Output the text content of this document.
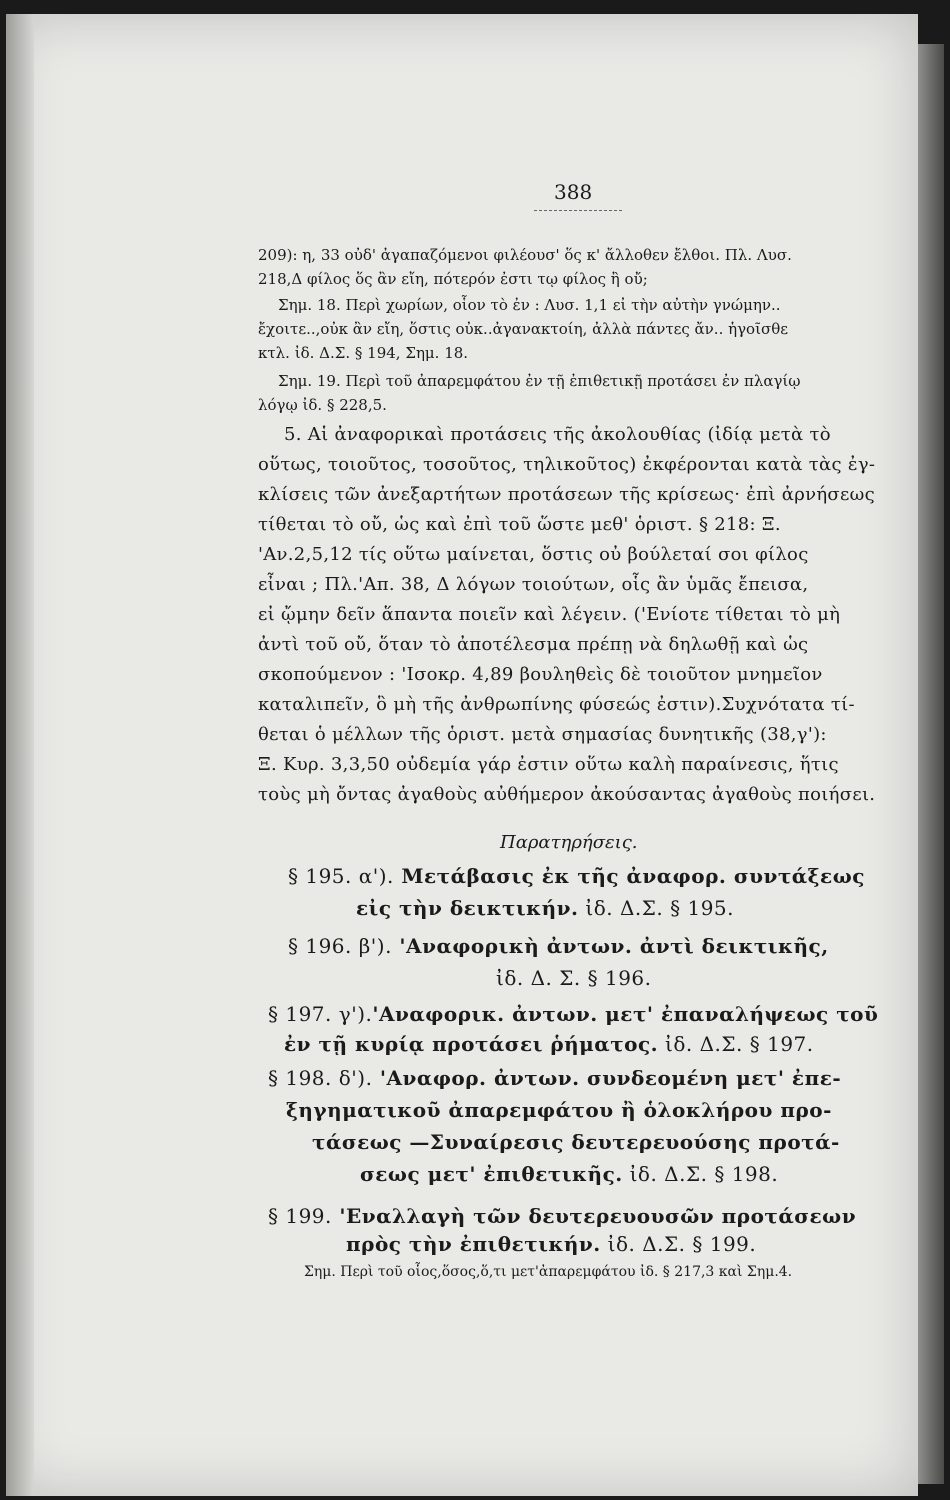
388
209): η, 33 οὐδ' ἀγαπαζόμενοι φιλέουσ' ὅς κ' ἄλλοθεν ἔλθοι. Πλ. Λυσ.
218,Δ φίλος ὅς ἂν εἴη, πότερόν ἐστι τῳ φίλος ἢ οὔ;
Σημ. 18. Περὶ χωρίων, οἷον τὸ ἐν : Λυσ. 1,1 εἰ τὴν αὐτὴν γνώμην..
ἔχοιτε..,οὐκ ἂν εἴη, ὅστις οὐκ..ἀγανακτοίη, ἀλλὰ πάντες ἄν.. ἡγοῖσθε
κτλ. ἰδ. Δ.Σ. § 194, Σημ. 18.
Σημ. 19. Περὶ τοῦ ἀπαρεμφάτου ἐν τῇ ἐπιθετικῇ προτάσει ἐν πλαγίῳ
λόγῳ ἰδ. § 228,5.
5. Αἱ ἀναφορικαὶ προτάσεις τῆς ἀκολουθίας (ἰδίᾳ μετὰ τὸ
οὕτως, τοιοῦτος, τοσοῦτος, τηλικοῦτος) ἐκφέρονται κατὰ τὰς ἐγ-
κλίσεις τῶν ἀνεξαρτήτων προτάσεων τῆς κρίσεως· ἐπὶ ἀρνήσεως
τίθεται τὸ οὔ, ὡς καὶ ἐπὶ τοῦ ὥστε μεθ' ὁριστ. § 218: Ξ.
'Αν.2,5,12 τίς οὕτω μαίνεται, ὅστις οὐ βούλεταί σοι φίλος
εἶναι ; Πλ.'Απ. 38, Δ λόγων τοιούτων, οἷς ἂν ὑμᾶς ἔπεισα,
εἰ ᾤμην δεῖν ἅπαντα ποιεῖν καὶ λέγειν. ('Ενίοτε τίθεται τὸ μὴ
ἀντὶ τοῦ οὔ, ὅταν τὸ ἀποτέλεσμα πρέπῃ νὰ δηλωθῇ καὶ ὡς
σκοπούμενον : 'Ισοκρ. 4,89 βουληθεὶς δὲ τοιοῦτον μνημεῖον
καταλιπεῖν, ὃ μὴ τῆς ἀνθρωπίνης φύσεώς ἐστιν).Συχνότατα τί-
θεται ὁ μέλλων τῆς ὁριστ. μετὰ σημασίας δυνητικῆς (38,γ'):
Ξ. Κυρ. 3,3,50 οὐδεμία γάρ ἐστιν οὕτω καλὴ παραίνεσις, ἥτις
τοὺς μὴ ὄντας ἀγαθοὺς αὐθήμερον ἀκούσαντας ἀγαθοὺς ποιήσει.
Παρατηρήσεις.
§ 195. α'). Μετάβασις ἐκ τῆς ἀναφορ. συντάξεως
εἰς τὴν δεικτικήν. ἰδ. Δ.Σ. § 195.
§ 196. β'). 'Αναφορικὴ ἀντων. ἀντὶ δεικτικῆς,
ἰδ. Δ. Σ. § 196.
§ 197. γ').'Αναφορικ. ἀντων. μετ' ἐπαναλήψεως τοῦ
ἐν τῇ κυρίᾳ προτάσει ῥήματος. ἰδ. Δ.Σ. § 197.
§ 198. δ'). 'Αναφορ. ἀντων. συνδεομένη μετ' ἐπε-
ξηγηματικοῦ ἀπαρεμφάτου ἢ ὁλοκλήρου προ-
τάσεως —Συναίρεσις δευτερευούσης προτά-
σεως μετ' ἐπιθετικῆς. ἰδ. Δ.Σ. § 198.
§ 199. 'Εναλλαγὴ τῶν δευτερευουσῶν προτάσεων
πρὸς τὴν ἐπιθετικήν. ἰδ. Δ.Σ. § 199.
Σημ. Περὶ τοῦ οἷος,ὅσος,ὅ,τι μετ'ἀπαρεμφάτου ἰδ. § 217,3 καὶ Σημ.4.
